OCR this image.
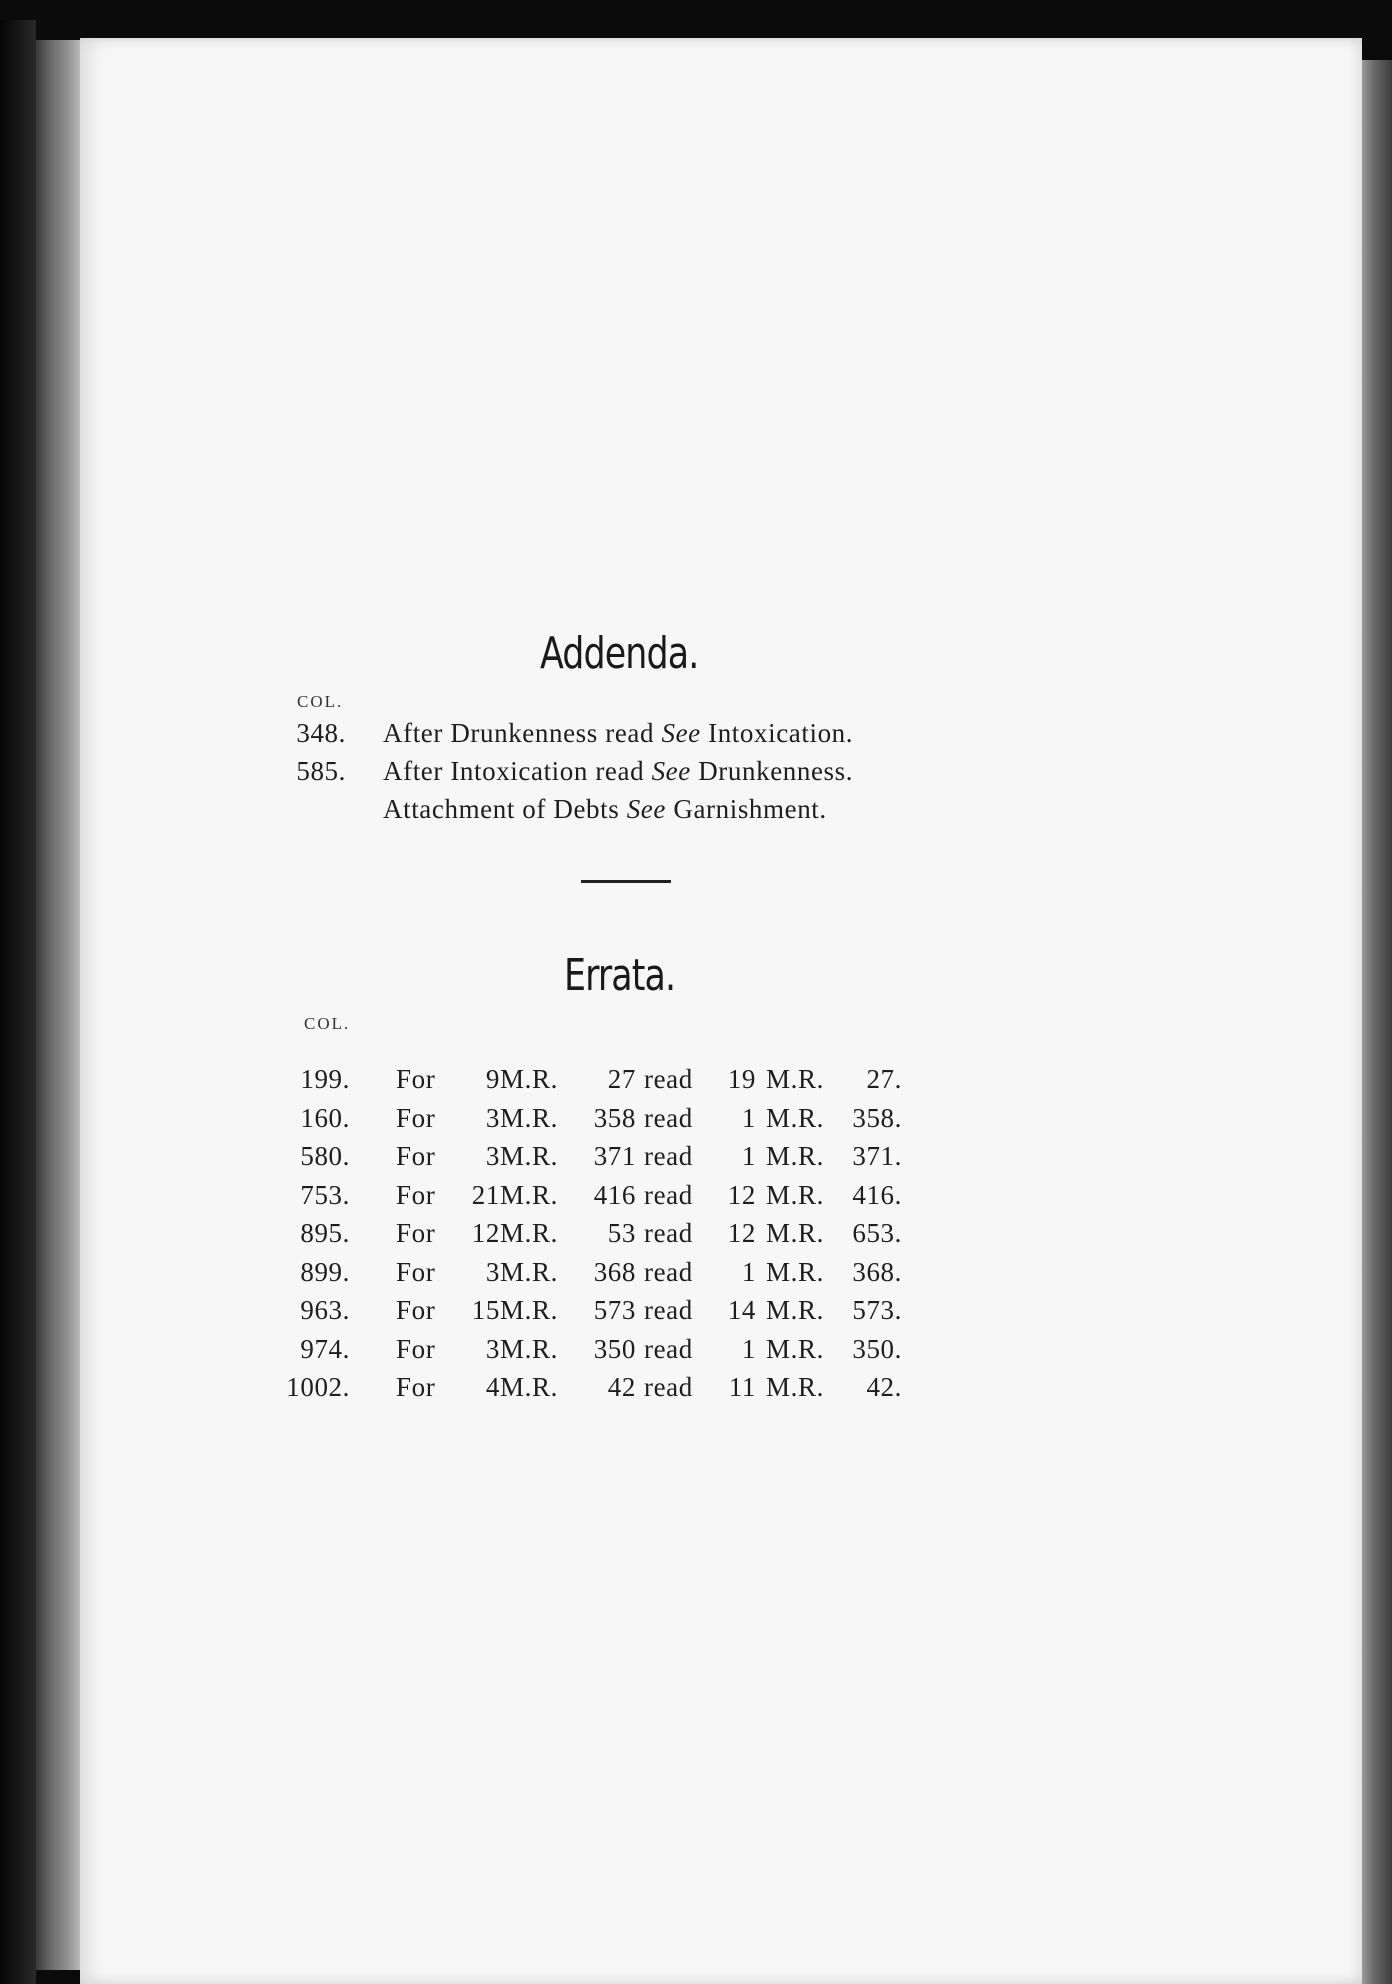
Addenda.
COL.
348. After Drunkenness read See Intoxication.
585. After Intoxication read See Drunkenness.
Attachment of Debts See Garnishment.
Errata.
COL.
199. For	9 M.R.	27 read	19 M.R.	27.
160. For	3 M.R.	358 read	1 M.R.	358.
580. For	3 M.R.	371 read	1 M.R.	371.
753. For	21 M.R.	416 read	12 M.R.	416.
895. For	12 M.R.	53 read	12 M.R.	653.
899. For	3 M.R.	368 read	1 M.R.	368.
963. For	15 M.R.	573 read	14 M.R.	573.
974. For	3 M.R.	350 read	1 M.R.	350.
1002. For	4 M.R.	42 read	11 M.R.	42.
